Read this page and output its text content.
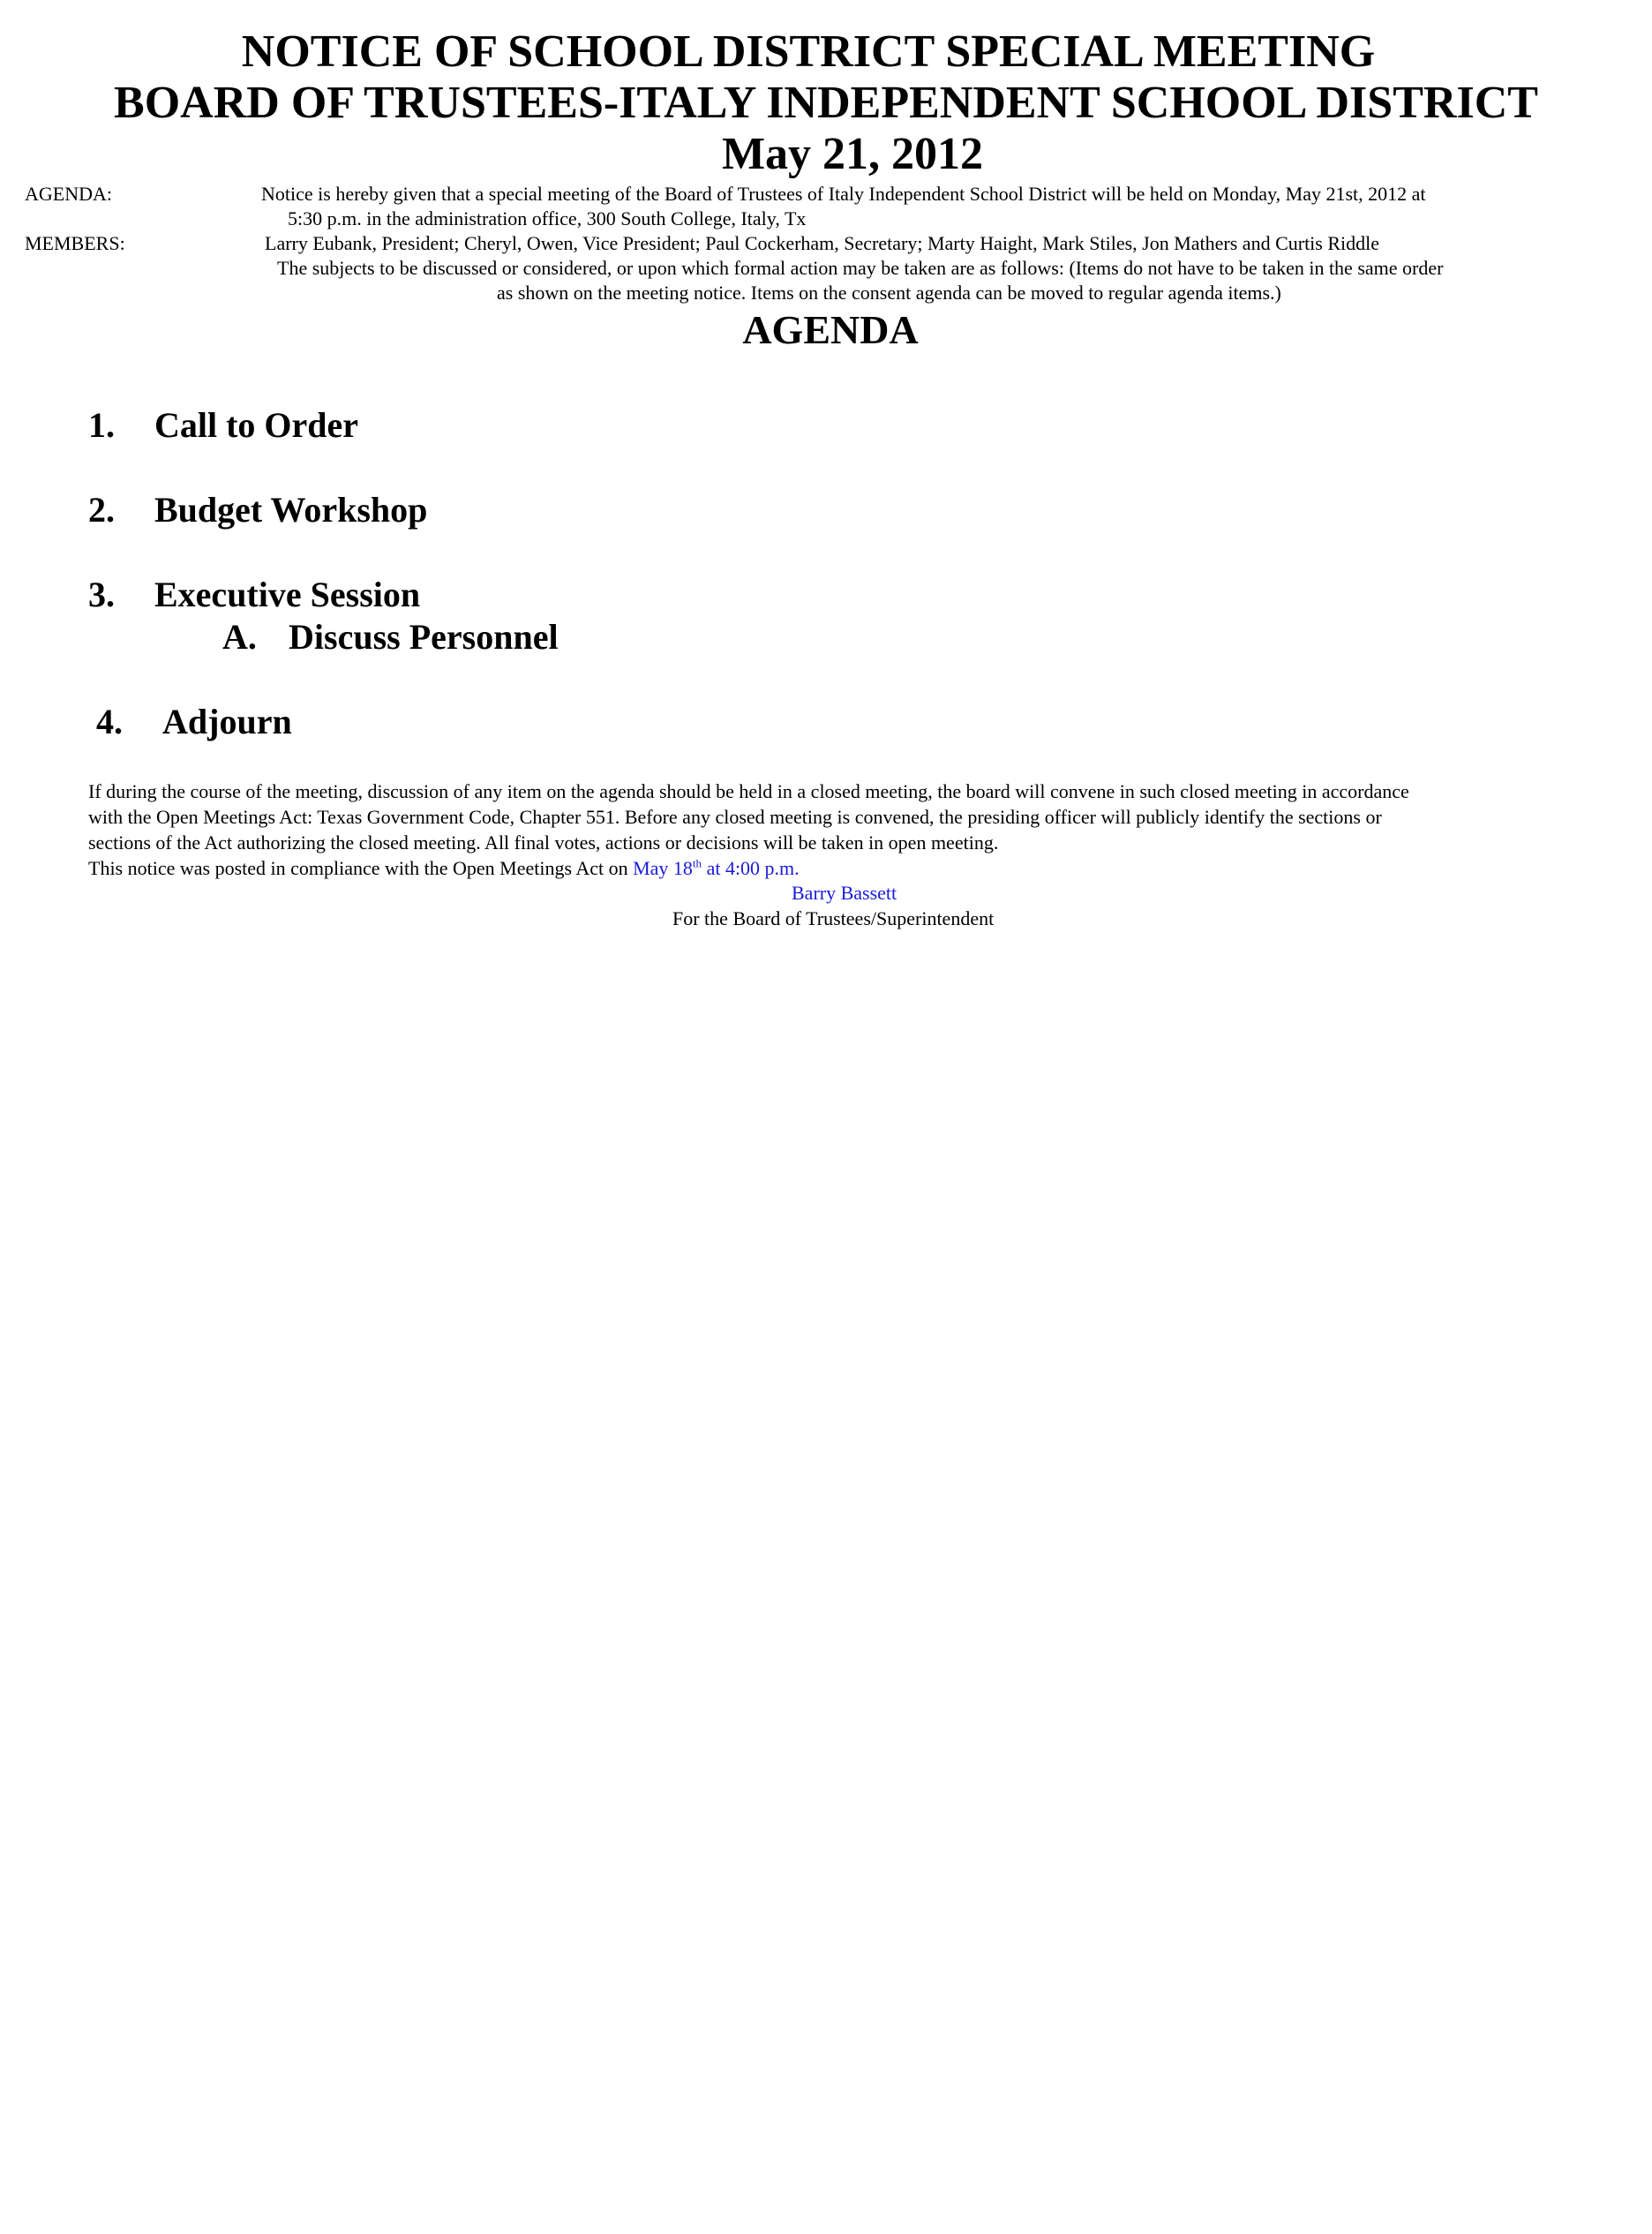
NOTICE OF SCHOOL DISTRICT SPECIAL MEETING
BOARD OF TRUSTEES-ITALY INDEPENDENT SCHOOL DISTRICT
May 21, 2012
AGENDA:	Notice is hereby given that a special meeting of the Board of Trustees of Italy Independent School District will be held on Monday, May 21st, 2012 at
5:30 p.m. in the administration office, 300 South College, Italy, Tx
MEMBERS:	Larry Eubank, President; Cheryl, Owen, Vice President; Paul Cockerham, Secretary; Marty Haight, Mark Stiles, Jon Mathers and Curtis Riddle
The subjects to be discussed or considered, or upon which formal action may be taken are as follows: (Items do not have to be taken in the same order
as shown on the meeting notice. Items on the consent agenda can be moved to regular agenda items.)
AGENDA
1. Call to Order
2. Budget Workshop
3. Executive Session
A. Discuss Personnel
4. Adjourn
If during the course of the meeting, discussion of any item on the agenda should be held in a closed meeting, the board will convene in such closed meeting in accordance
with the Open Meetings Act: Texas Government Code, Chapter 551. Before any closed meeting is convened, the presiding officer will publicly identify the sections or
sections of the Act authorizing the closed meeting. All final votes, actions or decisions will be taken in open meeting.
This notice was posted in compliance with the Open Meetings Act on May 18th at 4:00 p.m.
Barry Bassett
For the Board of Trustees/Superintendent
